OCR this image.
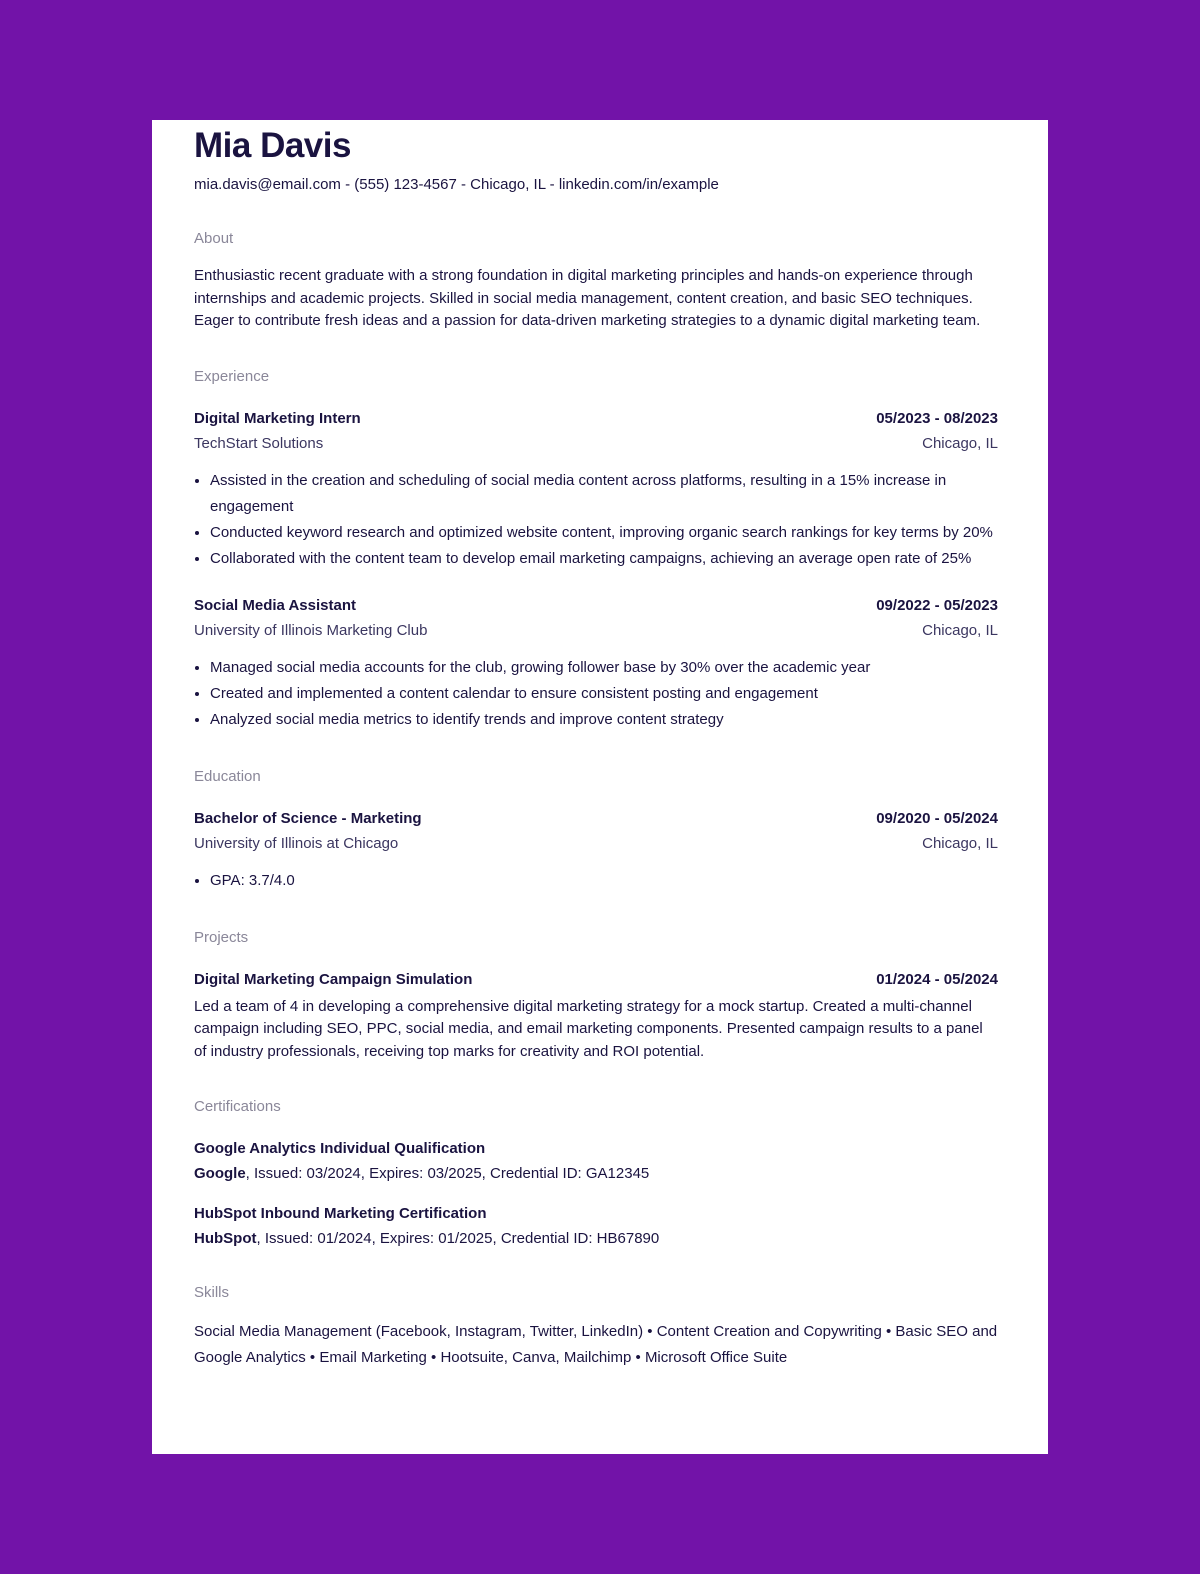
Mia Davis
mia.davis@email.com - (555) 123-4567 - Chicago, IL - linkedin.com/in/example
About
Enthusiastic recent graduate with a strong foundation in digital marketing principles and hands-on experience through internships and academic projects. Skilled in social media management, content creation, and basic SEO techniques. Eager to contribute fresh ideas and a passion for data-driven marketing strategies to a dynamic digital marketing team.
Experience
Digital Marketing Intern	05/2023 - 08/2023
TechStart Solutions	Chicago, IL
• Assisted in the creation and scheduling of social media content across platforms, resulting in a 15% increase in engagement
• Conducted keyword research and optimized website content, improving organic search rankings for key terms by 20%
• Collaborated with the content team to develop email marketing campaigns, achieving an average open rate of 25%
Social Media Assistant	09/2022 - 05/2023
University of Illinois Marketing Club	Chicago, IL
• Managed social media accounts for the club, growing follower base by 30% over the academic year
• Created and implemented a content calendar to ensure consistent posting and engagement
• Analyzed social media metrics to identify trends and improve content strategy
Education
Bachelor of Science - Marketing	09/2020 - 05/2024
University of Illinois at Chicago	Chicago, IL
• GPA: 3.7/4.0
Projects
Digital Marketing Campaign Simulation	01/2024 - 05/2024
Led a team of 4 in developing a comprehensive digital marketing strategy for a mock startup. Created a multi-channel campaign including SEO, PPC, social media, and email marketing components. Presented campaign results to a panel of industry professionals, receiving top marks for creativity and ROI potential.
Certifications
Google Analytics Individual Qualification
Google, Issued: 03/2024, Expires: 03/2025, Credential ID: GA12345
HubSpot Inbound Marketing Certification
HubSpot, Issued: 01/2024, Expires: 01/2025, Credential ID: HB67890
Skills
Social Media Management (Facebook, Instagram, Twitter, LinkedIn) • Content Creation and Copywriting • Basic SEO and Google Analytics • Email Marketing • Hootsuite, Canva, Mailchimp • Microsoft Office Suite
